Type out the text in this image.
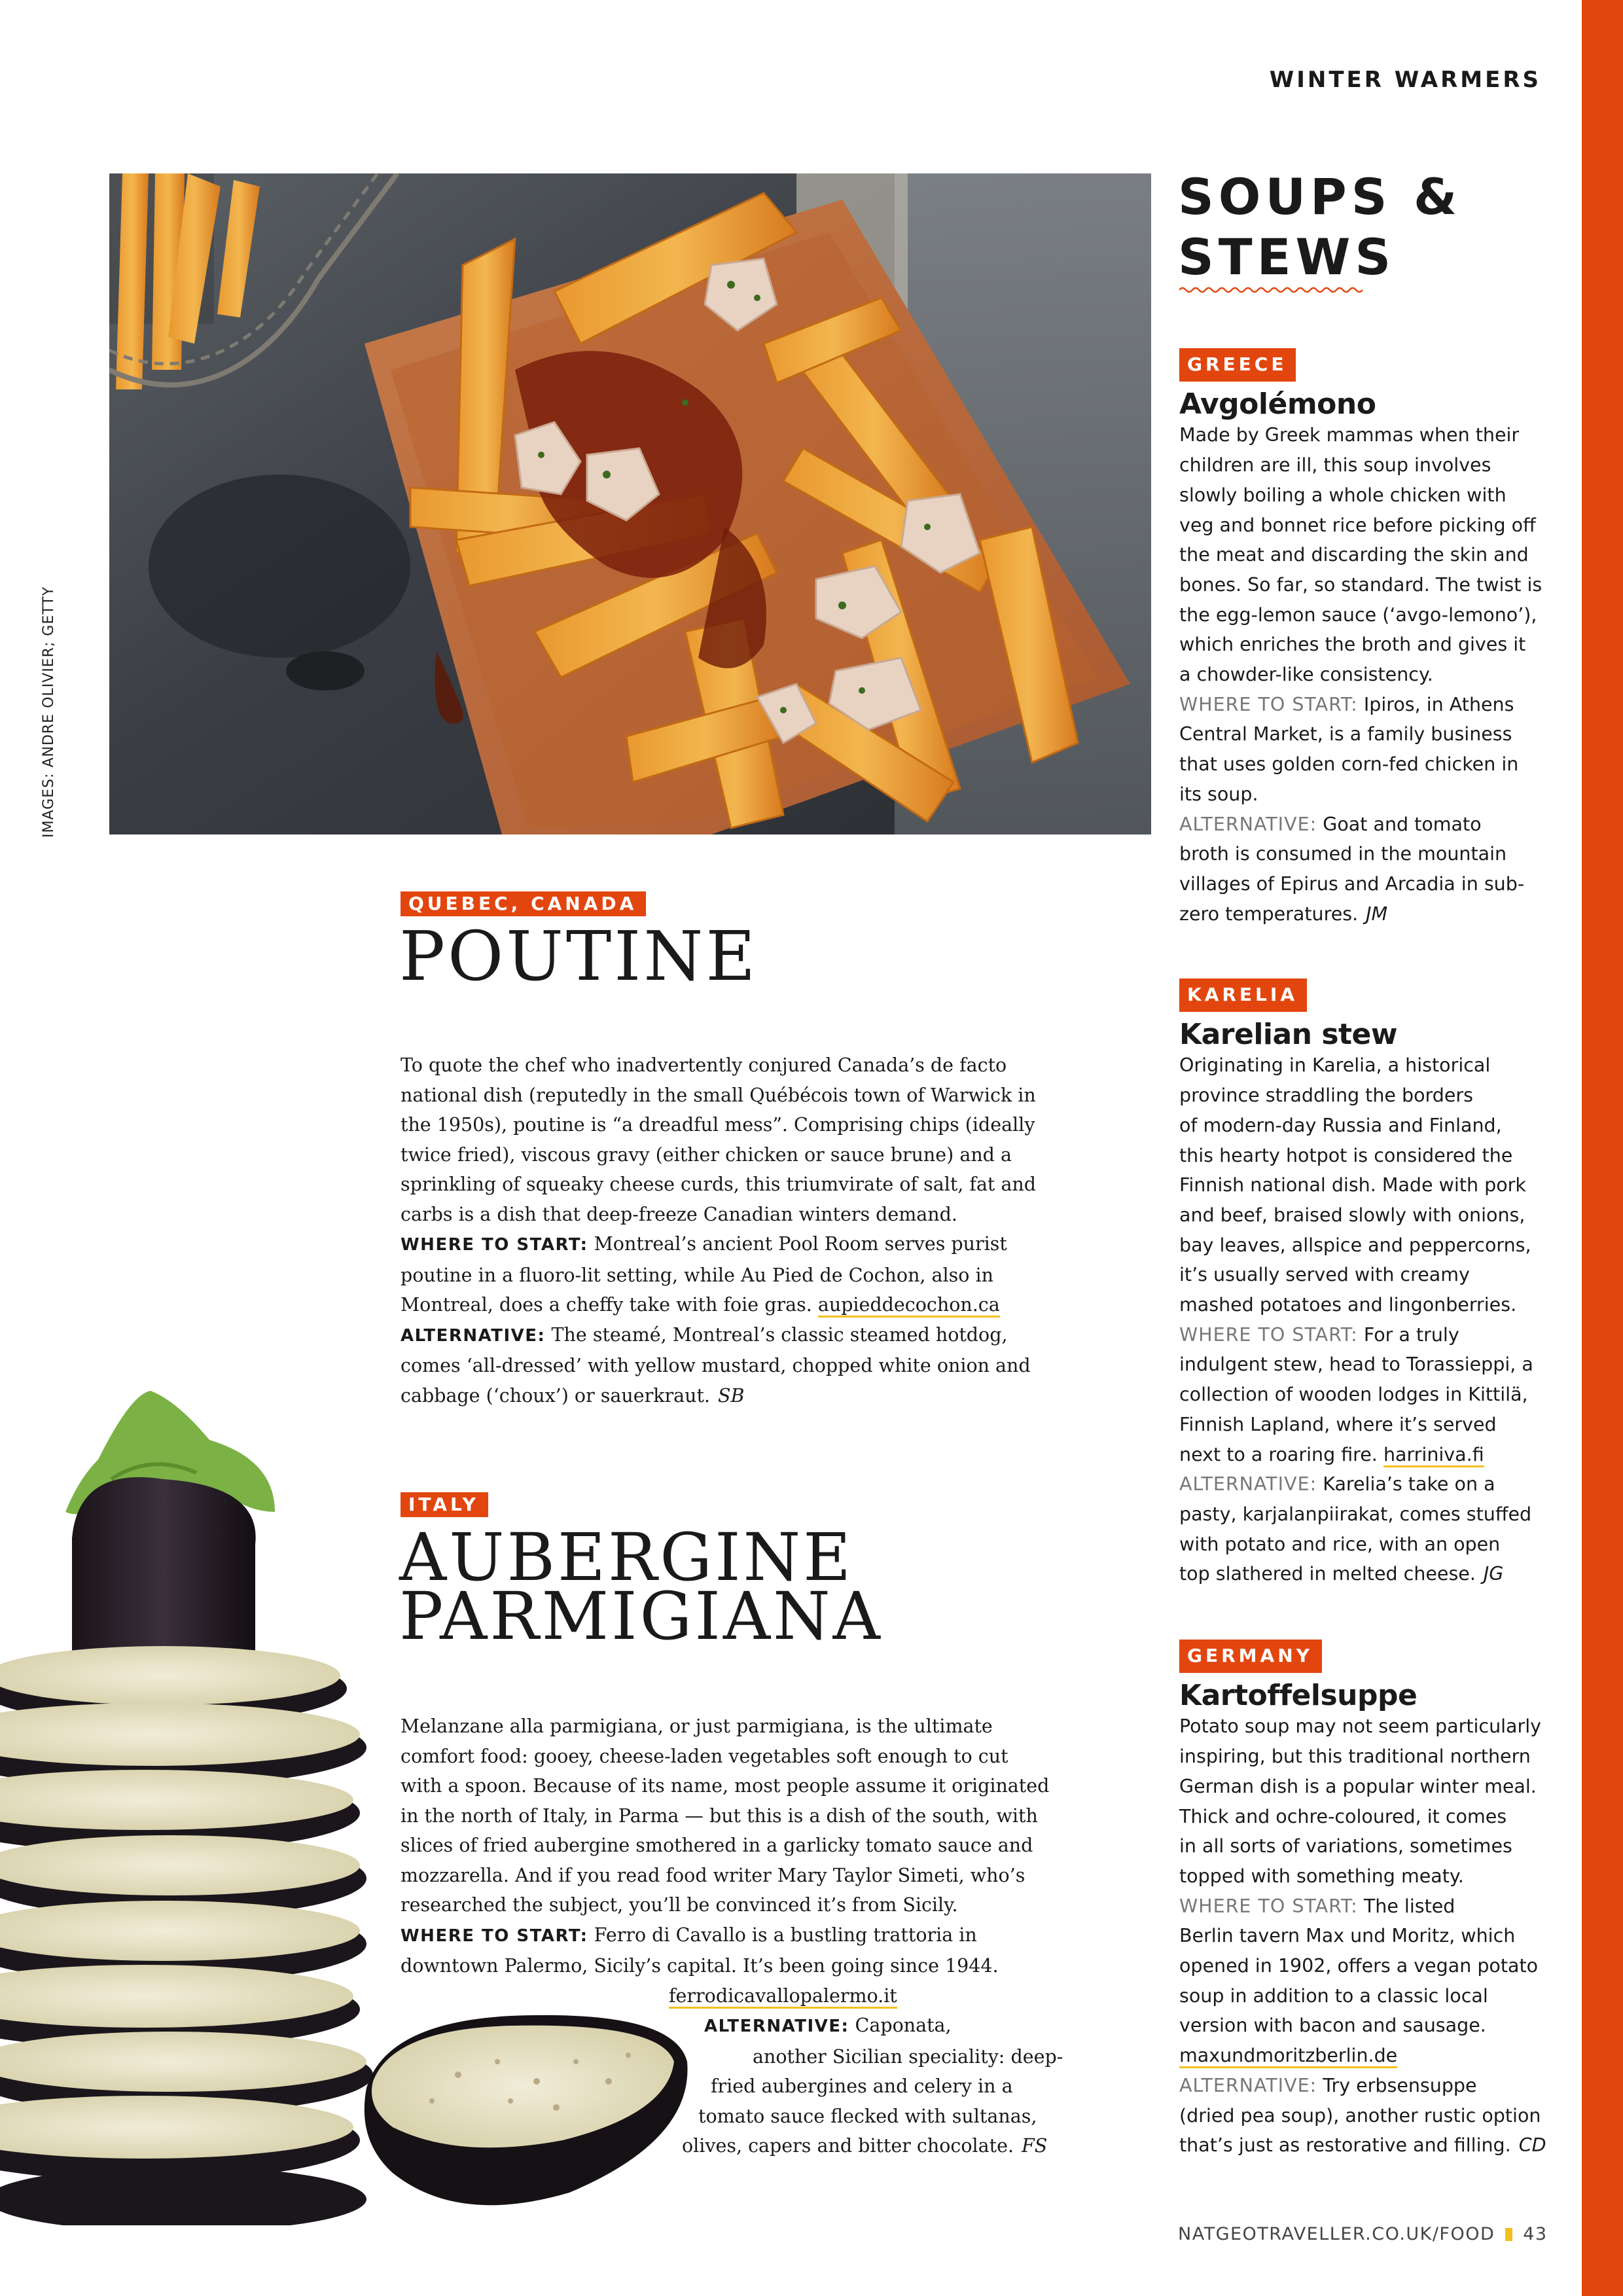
WINTER WARMERS
IMAGES: ANDRE OLIVIER; GETTY
QUEBEC, CANADA
POUTINE
To quote the chef who inadvertently conjured Canada’s de facto
national dish (reputedly in the small Québécois town of Warwick in
the 1950s), poutine is “a dreadful mess”. Comprising chips (ideally
twice fried), viscous gravy (either chicken or sauce brune) and a
sprinkling of squeaky cheese curds, this triumvirate of salt, fat and
carbs is a dish that deep-freeze Canadian winters demand.
WHERE TO START: Montreal’s ancient Pool Room serves purist
poutine in a fluoro-lit setting, while Au Pied de Cochon, also in
Montreal, does a cheffy take with foie gras. aupieddecochon.ca
ALTERNATIVE: The steamé, Montreal’s classic steamed hotdog,
comes ‘all-dressed’ with yellow mustard, chopped white onion and
cabbage (‘choux’) or sauerkraut. SB
ITALY
AUBERGINE
PARMIGIANA
Melanzane alla parmigiana, or just parmigiana, is the ultimate
comfort food: gooey, cheese-laden vegetables soft enough to cut
with a spoon. Because of its name, most people assume it originated
in the north of Italy, in Parma — but this is a dish of the south, with
slices of fried aubergine smothered in a garlicky tomato sauce and
mozzarella. And if you read food writer Mary Taylor Simeti, who’s
researched the subject, you’ll be convinced it’s from Sicily.
WHERE TO START: Ferro di Cavallo is a bustling trattoria in
downtown Palermo, Sicily’s capital. It’s been going since 1944.
ferrodicavallopalermo.it
ALTERNATIVE: Caponata,
another Sicilian speciality: deep-
fried aubergines and celery in a
tomato sauce flecked with sultanas,
olives, capers and bitter chocolate. FS
SOUPS &
STEWS
GREECE
Avgolémono
Made by Greek mammas when their
children are ill, this soup involves
slowly boiling a whole chicken with
veg and bonnet rice before picking off
the meat and discarding the skin and
bones. So far, so standard. The twist is
the egg-lemon sauce (‘avgo-lemono’),
which enriches the broth and gives it
a chowder-like consistency.
WHERE TO START: Ipiros, in Athens
Central Market, is a family business
that uses golden corn-fed chicken in
its soup.
ALTERNATIVE: Goat and tomato
broth is consumed in the mountain
villages of Epirus and Arcadia in sub-
zero temperatures. JM
KARELIA
Karelian stew
Originating in Karelia, a historical
province straddling the borders
of modern-day Russia and Finland,
this hearty hotpot is considered the
Finnish national dish. Made with pork
and beef, braised slowly with onions,
bay leaves, allspice and peppercorns,
it’s usually served with creamy
mashed potatoes and lingonberries.
WHERE TO START: For a truly
indulgent stew, head to Torassieppi, a
collection of wooden lodges in Kittilä,
Finnish Lapland, where it’s served
next to a roaring fire. harriniva.fi
ALTERNATIVE: Karelia’s take on a
pasty, karjalanpiirakat, comes stuffed
with potato and rice, with an open
top slathered in melted cheese. JG
GERMANY
Kartoffelsuppe
Potato soup may not seem particularly
inspiring, but this traditional northern
German dish is a popular winter meal.
Thick and ochre-coloured, it comes
in all sorts of variations, sometimes
topped with something meaty.
WHERE TO START: The listed
Berlin tavern Max und Moritz, which
opened in 1902, offers a vegan potato
soup in addition to a classic local
version with bacon and sausage.
maxundmoritzberlin.de
ALTERNATIVE: Try erbsensuppe
(dried pea soup), another rustic option
that’s just as restorative and filling. CD
NATGEOTRAVELLER.CO.UK/FOOD 43
